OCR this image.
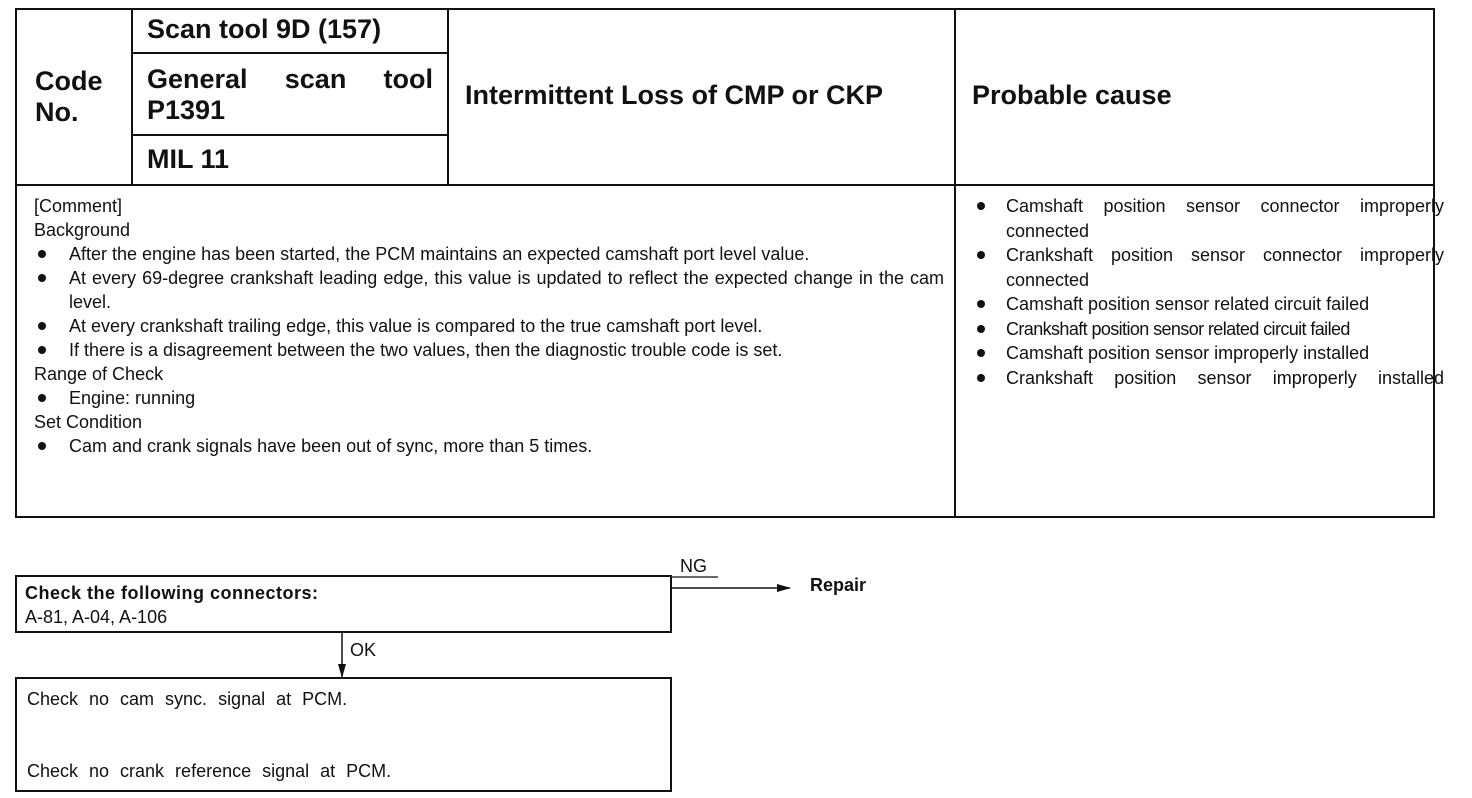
Code
No.
Scan tool 9D (157)
General scan tool
P1391
MIL 11
Intermittent Loss of CMP or CKP	Probable cause
[Comment]
Background
After the engine has been started, the PCM maintains an expected camshaft port level value.
At every 69-degree crankshaft leading edge, this value is updated to reflect the expected change in the cam level.
At every crankshaft trailing edge, this value is compared to the true camshaft port level.
If there is a disagreement between the two values, then the diagnostic trouble code is set.
Range of Check
Engine: running
Set Condition
Cam and crank signals have been out of sync, more than 5 times.
Camshaft position sensor connector improperly connected
Crankshaft position sensor connector improperly connected
Camshaft position sensor related circuit failed
Crankshaft position sensor related circuit failed
Camshaft position sensor improperly installed
Crankshaft position sensor improperly installed
Check the following connectors:
A-81, A-04, A-106
NG
Repair
OK
Check no cam sync. signal at PCM.
Check no crank reference signal at PCM.
